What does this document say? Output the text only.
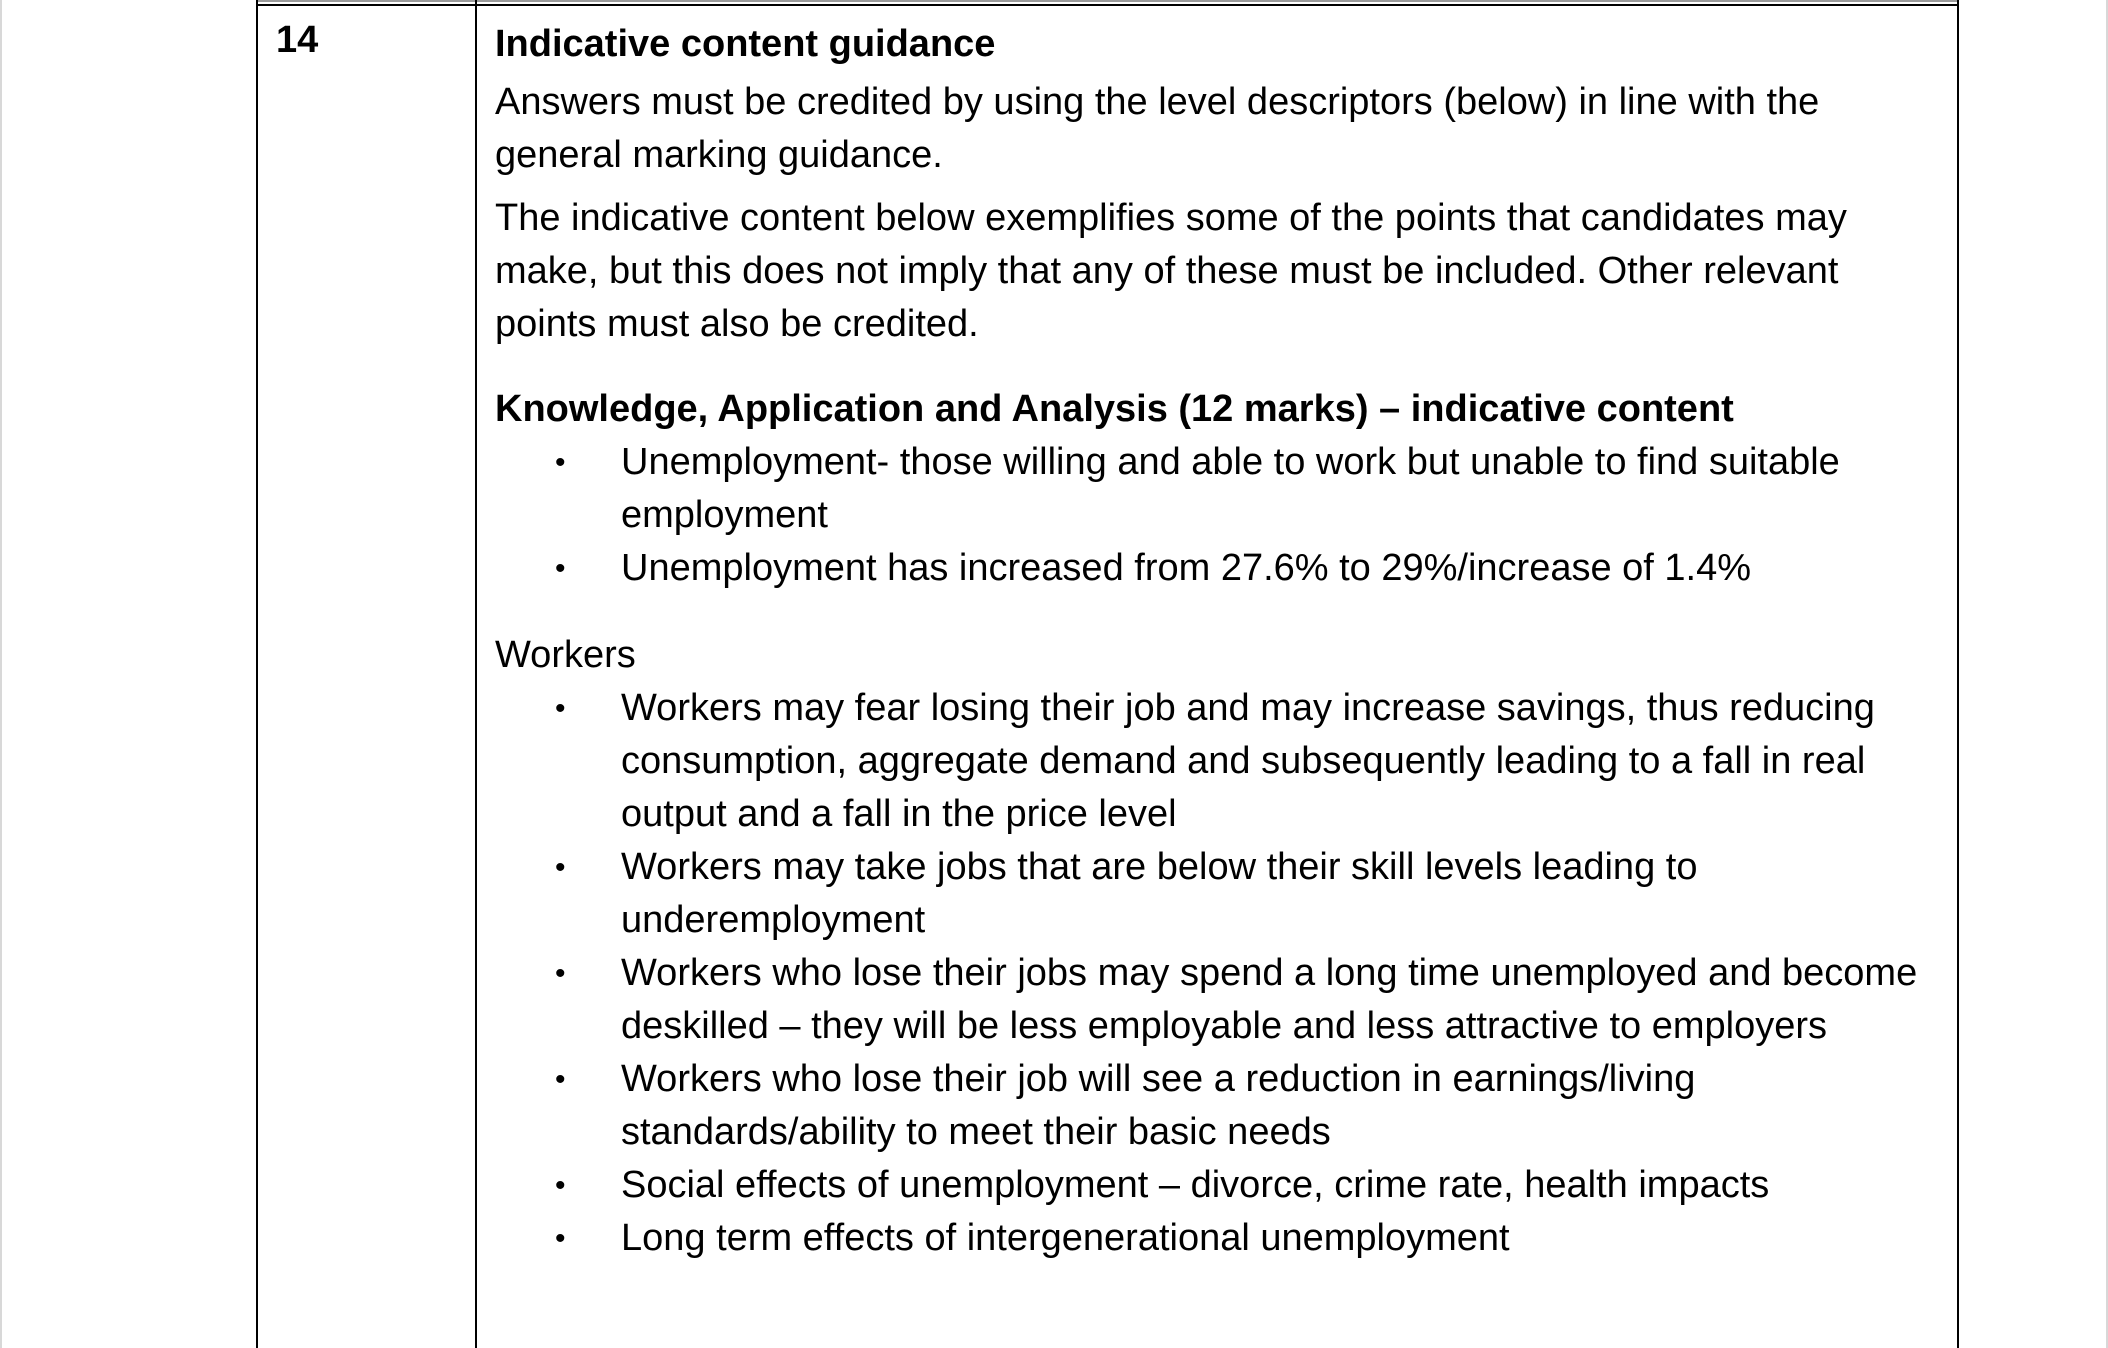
14	Indicative content guidance

Answers must be credited by using the level descriptors (below) in line with the general marking guidance.

The indicative content below exemplifies some of the points that candidates may make, but this does not imply that any of these must be included. Other relevant points must also be credited.

Knowledge, Application and Analysis (12 marks) – indicative content

• Unemployment- those willing and able to work but unable to find suitable employment
• Unemployment has increased from 27.6% to 29%/increase of 1.4%

Workers

• Workers may fear losing their job and may increase savings, thus reducing consumption, aggregate demand and subsequently leading to a fall in real output and a fall in the price level
• Workers may take jobs that are below their skill levels leading to underemployment
• Workers who lose their jobs may spend a long time unemployed and become deskilled – they will be less employable and less attractive to employers
• Workers who lose their job will see a reduction in earnings/living standards/ability to meet their basic needs
• Social effects of unemployment – divorce, crime rate, health impacts
• Long term effects of intergenerational unemployment
